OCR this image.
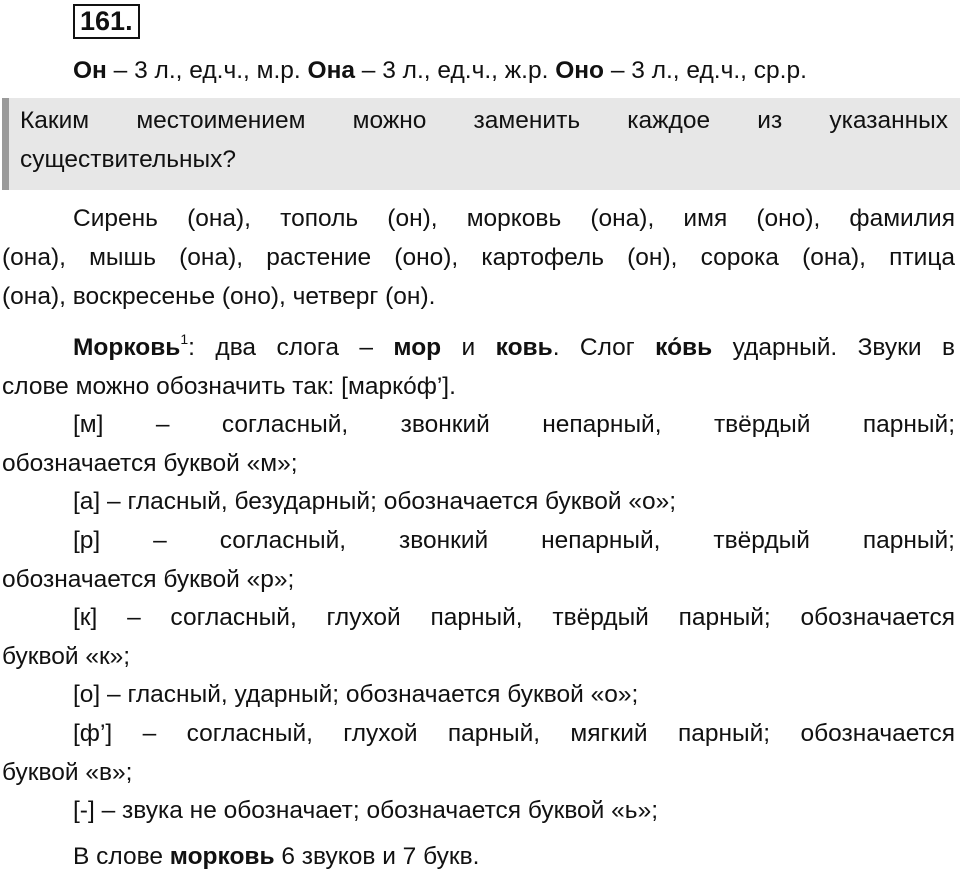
161.
Он – 3 л., ед.ч., м.р. Она – 3 л., ед.ч., ж.р. Оно – 3 л., ед.ч., ср.р.
Каким местоимением можно заменить каждое из указанных
существительных?
Сирень (она), тополь (он), морковь (она), имя (оно), фамилия
(она), мышь (она), растение (оно), картофель (он), сорока (она), птица
(она), воскресенье (оно), четверг (он).
Морковь$^1$: два слога – мор и ковь. Слог ко́вь ударный. Звуки в
слове можно обозначить так: [марко́ф’].
[м] – согласный, звонкий непарный, твёрдый парный;
обозначается буквой «м»;
[а] – гласный, безударный; обозначается буквой «о»;
[р] – согласный, звонкий непарный, твёрдый парный;
обозначается буквой «р»;
[к] – согласный, глухой парный, твёрдый парный; обозначается
буквой «к»;
[о] – гласный, ударный; обозначается буквой «о»;
[ф’] – согласный, глухой парный, мягкий парный; обозначается
буквой «в»;
[-] – звука не обозначает; обозначается буквой «ь»;
В слове морковь 6 звуков и 7 букв.
